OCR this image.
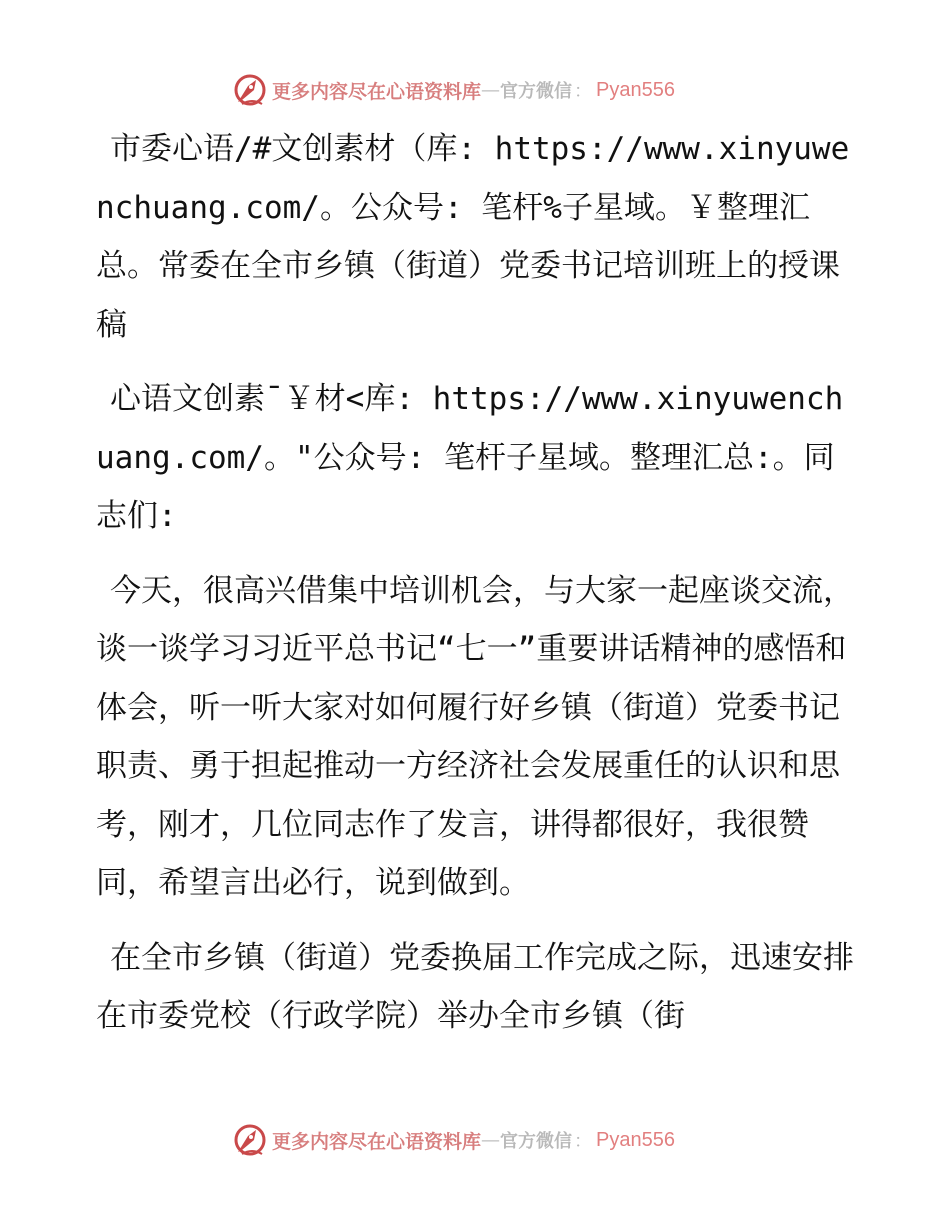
更多内容尽在心语资料库 — 官方微信 ： Pyan556

市委心语/#文创素材（库: https://www.xinyuwenchuang.com/。公众号: 笔杆%子星域。￥整理汇总。常委在全市乡镇（街道）党委书记培训班上的授课稿

心语文创素¯￥材<库: https://www.xinyuwenchuang.com/。"公众号: 笔杆子星域。整理汇总:。同志们:

今天，很高兴借集中培训机会，与大家一起座谈交流，谈一谈学习习近平总书记“七一”重要讲话精神的感悟和体会，听一听大家对如何履行好乡镇（街道）党委书记职责、勇于担起推动一方经济社会发展重任的认识和思考，刚才，几位同志作了发言，讲得都很好，我很赞同，希望言出必行，说到做到。

在全市乡镇（街道）党委换届工作完成之际，迅速安排在市委党校（行政学院）举办全市乡镇（街

更多内容尽在心语资料库 — 官方微信 ： Pyan556
